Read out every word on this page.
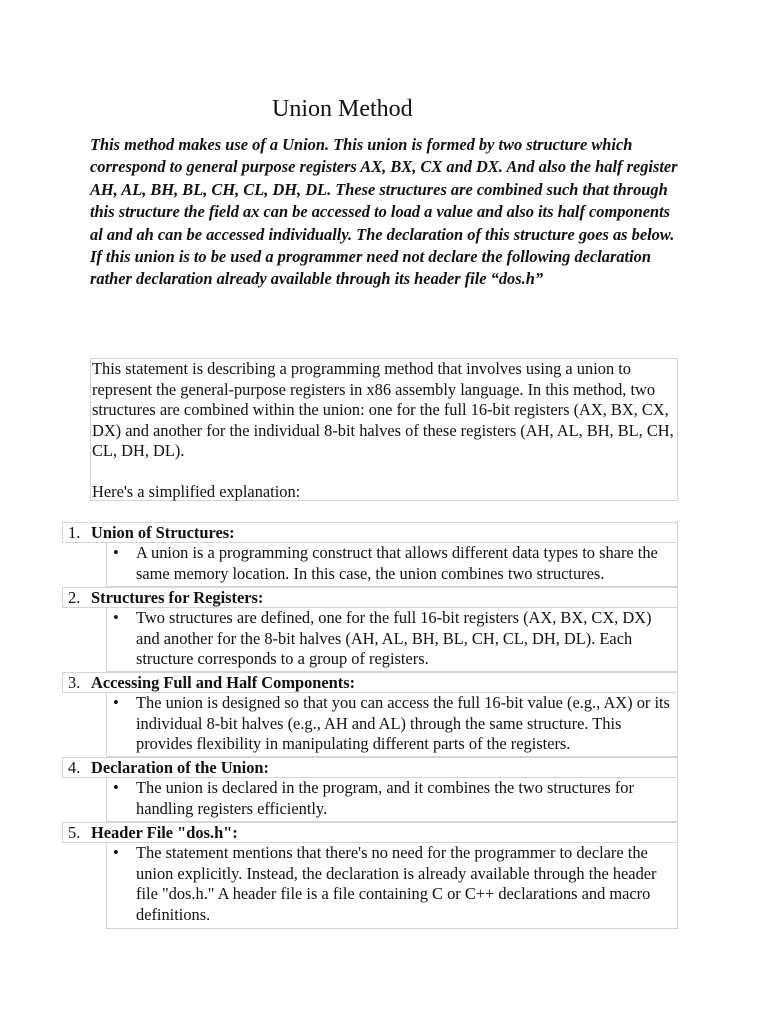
Union Method

This method makes use of a Union. This union is formed by two structure which correspond to general purpose registers AX, BX, CX and DX. And also the half register AH, AL, BH, BL, CH, CL, DH, DL. These structures are combined such that through this structure the field ax can be accessed to load a value and also its half components al and ah can be accessed individually. The declaration of this structure goes as below. If this union is to be used a programmer need not declare the following declaration rather declaration already available through its header file “dos.h”

This statement is describing a programming method that involves using a union to represent the general-purpose registers in x86 assembly language. In this method, two structures are combined within the union: one for the full 16-bit registers (AX, BX, CX, DX) and another for the individual 8-bit halves of these registers (AH, AL, BH, BL, CH, CL, DH, DL).

Here's a simplified explanation:

1. Union of Structures:
• A union is a programming construct that allows different data types to share the same memory location. In this case, the union combines two structures.
2. Structures for Registers:
• Two structures are defined, one for the full 16-bit registers (AX, BX, CX, DX) and another for the 8-bit halves (AH, AL, BH, BL, CH, CL, DH, DL). Each structure corresponds to a group of registers.
3. Accessing Full and Half Components:
• The union is designed so that you can access the full 16-bit value (e.g., AX) or its individual 8-bit halves (e.g., AH and AL) through the same structure. This provides flexibility in manipulating different parts of the registers.
4. Declaration of the Union:
• The union is declared in the program, and it combines the two structures for handling registers efficiently.
5. Header File "dos.h":
• The statement mentions that there's no need for the programmer to declare the union explicitly. Instead, the declaration is already available through the header file "dos.h." A header file is a file containing C or C++ declarations and macro definitions.
